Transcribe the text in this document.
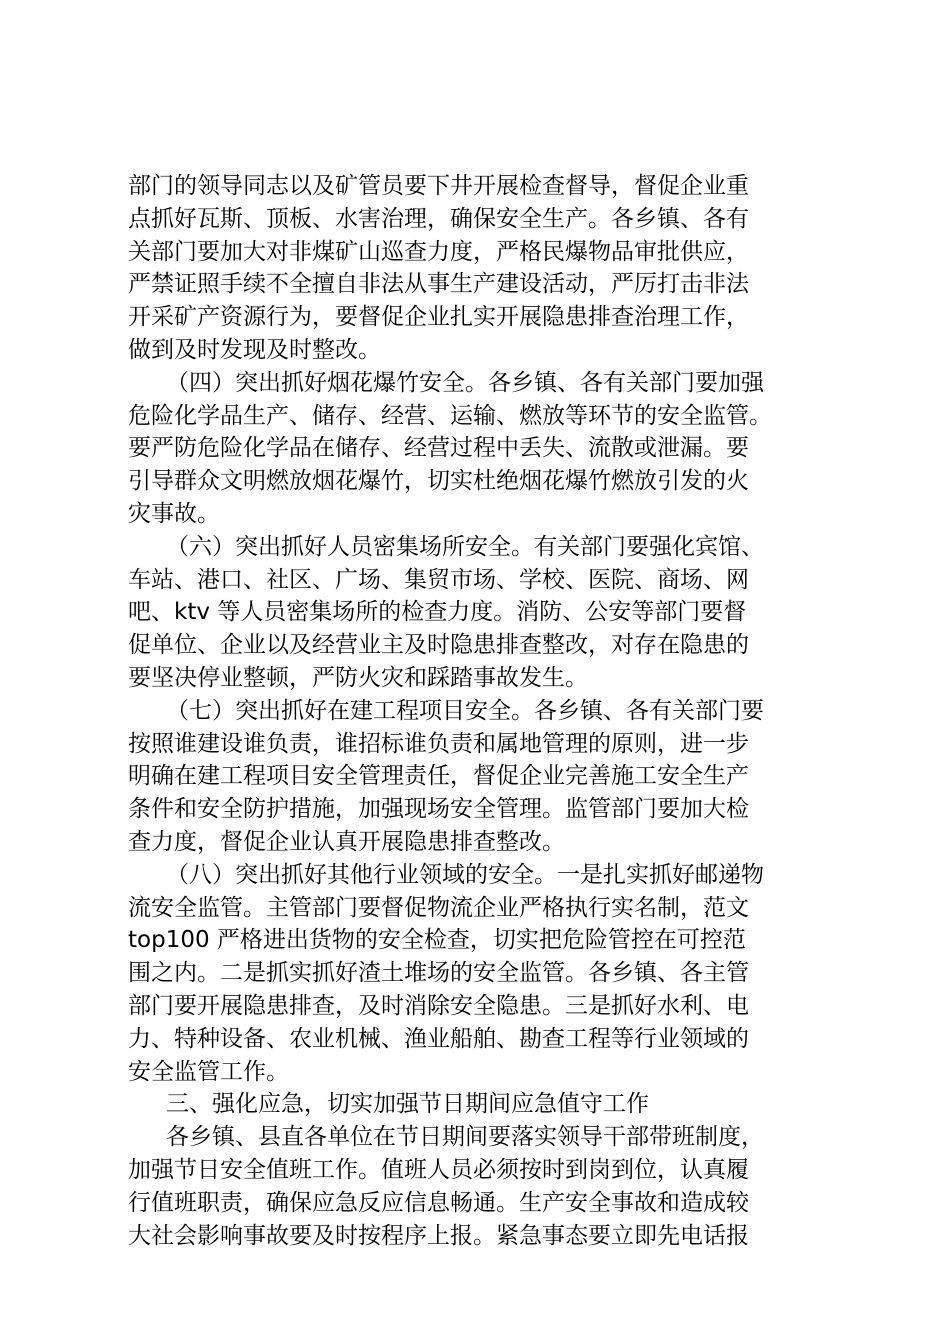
部门的领导同志以及矿管员要下井开展检查督导，督促企业重
点抓好瓦斯、顶板、水害治理，确保安全生产。各乡镇、各有
关部门要加大对非煤矿山巡查力度，严格民爆物品审批供应，
严禁证照手续不全擅自非法从事生产建设活动，严厉打击非法
开采矿产资源行为，要督促企业扎实开展隐患排查治理工作，
做到及时发现及时整改。
（四）突出抓好烟花爆竹安全。各乡镇、各有关部门要加强
危险化学品生产、储存、经营、运输、燃放等环节的安全监管。
要严防危险化学品在储存、经营过程中丢失、流散或泄漏。要
引导群众文明燃放烟花爆竹，切实杜绝烟花爆竹燃放引发的火
灾事故。
（六）突出抓好人员密集场所安全。有关部门要强化宾馆、
车站、港口、社区、广场、集贸市场、学校、医院、商场、网
吧、ktv 等人员密集场所的检查力度。消防、公安等部门要督
促单位、企业以及经营业主及时隐患排查整改，对存在隐患的
要坚决停业整顿，严防火灾和踩踏事故发生。
（七）突出抓好在建工程项目安全。各乡镇、各有关部门要
按照谁建设谁负责，谁招标谁负责和属地管理的原则，进一步
明确在建工程项目安全管理责任，督促企业完善施工安全生产
条件和安全防护措施，加强现场安全管理。监管部门要加大检
查力度，督促企业认真开展隐患排查整改。
（八）突出抓好其他行业领域的安全。一是扎实抓好邮递物
流安全监管。主管部门要督促物流企业严格执行实名制，范文
top100 严格进出货物的安全检查，切实把危险管控在可控范
围之内。二是抓实抓好渣土堆场的安全监管。各乡镇、各主管
部门要开展隐患排查，及时消除安全隐患。三是抓好水利、电
力、特种设备、农业机械、渔业船舶、勘查工程等行业领域的
安全监管工作。
三、强化应急，切实加强节日期间应急值守工作
各乡镇、县直各单位在节日期间要落实领导干部带班制度，
加强节日安全值班工作。值班人员必须按时到岗到位，认真履
行值班职责，确保应急反应信息畅通。生产安全事故和造成较
大社会影响事故要及时按程序上报。紧急事态要立即先电话报
